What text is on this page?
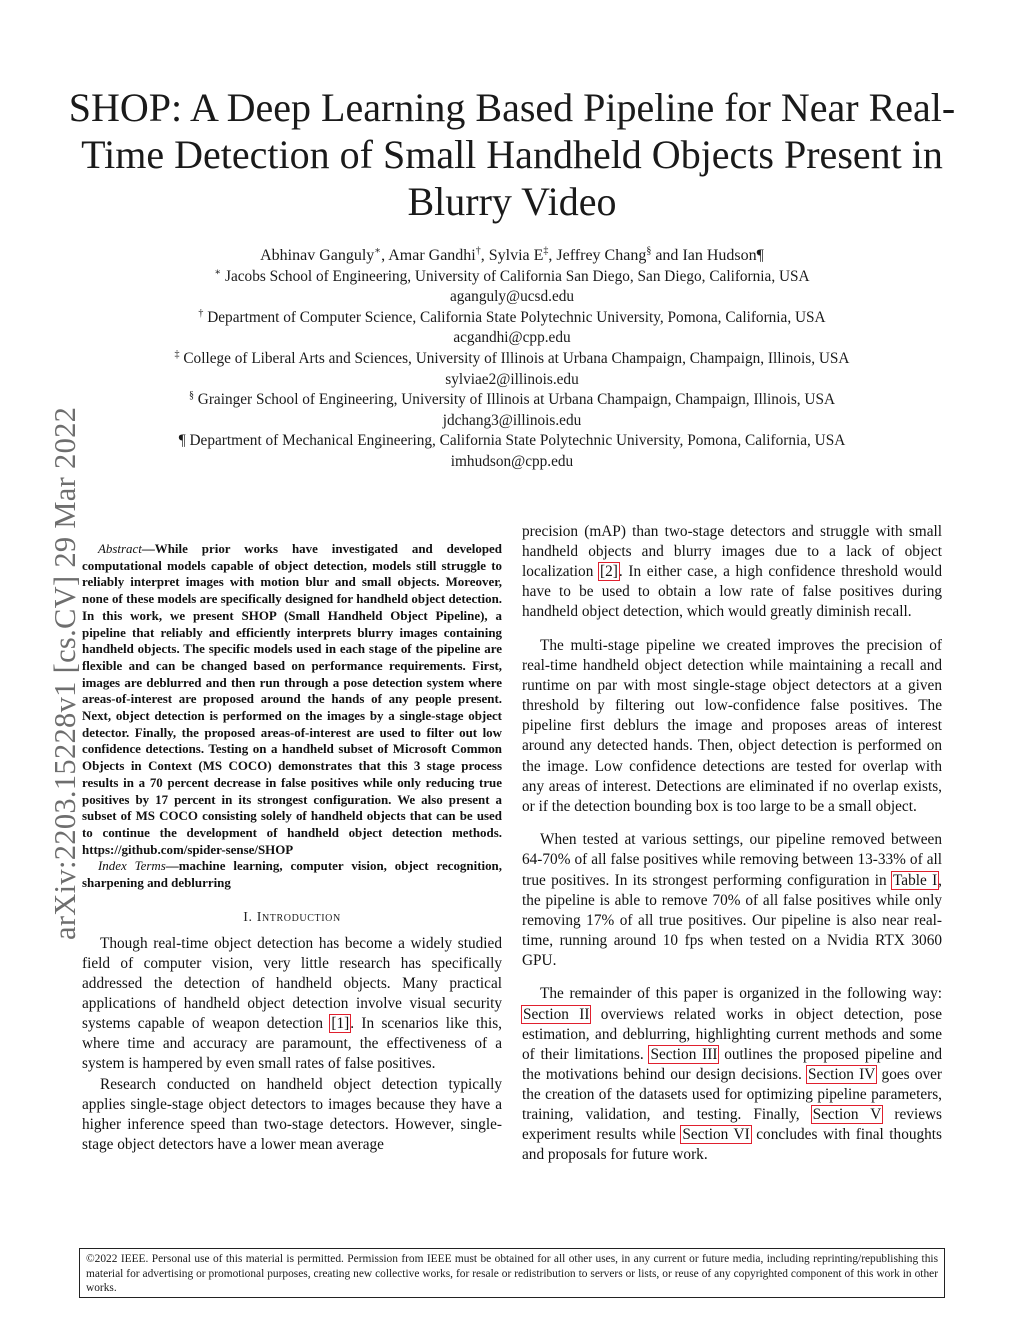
SHOP: A Deep Learning Based Pipeline for Near Real-Time Detection of Small Handheld Objects Present in Blurry Video
Abhinav Ganguly∗, Amar Gandhi†, Sylvia E‡, Jeffrey Chang§ and Ian Hudson¶
∗ Jacobs School of Engineering, University of California San Diego, San Diego, California, USA
aganguly@ucsd.edu
† Department of Computer Science, California State Polytechnic University, Pomona, California, USA
acgandhi@cpp.edu
‡ College of Liberal Arts and Sciences, University of Illinois at Urbana Champaign, Champaign, Illinois, USA
sylviae2@illinois.edu
§ Grainger School of Engineering, University of Illinois at Urbana Champaign, Champaign, Illinois, USA
jdchang3@illinois.edu
¶ Department of Mechanical Engineering, California State Polytechnic University, Pomona, California, USA
imhudson@cpp.edu
arXiv:2203.15228v1 [cs.CV] 29 Mar 2022	Abstract—While prior works have investigated and developed computational models capable of object detection, models still struggle to reliably interpret images with motion blur and small objects. Moreover, none of these models are specifically designed for handheld object detection. In this work, we present SHOP (Small Handheld Object Pipeline), a pipeline that reliably and efficiently interprets blurry images containing handheld objects. The specific models used in each stage of the pipeline are flexible and can be changed based on performance requirements. First, images are deblurred and then run through a pose detection system where areas-of-interest are proposed around the hands of any people present. Next, object detection is performed on the images by a single-stage object detector. Finally, the proposed areas-of-interest are used to filter out low confidence detections. Testing on a handheld subset of Microsoft Common Objects in Context (MS COCO) demonstrates that this 3 stage process results in a 70 percent decrease in false positives while only reducing true positives by 17 percent in its strongest configuration. We also present a subset of MS COCO consisting solely of handheld objects that can be used to continue the development of handheld object detection methods. https://github.com/spider-sense/SHOP

Index Terms—machine learning, computer vision, object recognition, sharpening and deblurring

I. Introduction

Though real-time object detection has become a widely studied field of computer vision, very little research has specifically addressed the detection of handheld objects. Many practical applications of handheld object detection involve visual security systems capable of weapon detection [1]. In scenarios like this, where time and accuracy are paramount, the effectiveness of a system is hampered by even small rates of false positives.

Research conducted on handheld object detection typically applies single-stage object detectors to images because they have a higher inference speed than two-stage detectors. However, single-stage object detectors have a lower mean average

precision (mAP) than two-stage detectors and struggle with small handheld objects and blurry images due to a lack of object localization [2]. In either case, a high confidence threshold would have to be used to obtain a low rate of false positives during handheld object detection, which would greatly diminish recall.

The multi-stage pipeline we created improves the precision of real-time handheld object detection while maintaining a recall and runtime on par with most single-stage object detectors at a given threshold by filtering out low-confidence false positives. The pipeline first deblurs the image and proposes areas of interest around any detected hands. Then, object detection is performed on the image. Low confidence detections are tested for overlap with any areas of interest. Detections are eliminated if no overlap exists, or if the detection bounding box is too large to be a small object.

When tested at various settings, our pipeline removed between 64-70% of all false positives while removing between 13-33% of all true positives. In its strongest performing configuration in Table I, the pipeline is able to remove 70% of all false positives while only removing 17% of all true positives. Our pipeline is also near real-time, running around 10 fps when tested on a Nvidia RTX 3060 GPU.

The remainder of this paper is organized in the following way: Section II overviews related works in object detection, pose estimation, and deblurring, highlighting current methods and some of their limitations. Section III outlines the proposed pipeline and the motivations behind our design decisions. Section IV goes over the creation of the datasets used for optimizing pipeline parameters, training, validation, and testing. Finally, Section V reviews experiment results while Section VI concludes with final thoughts and proposals for future work.

©2022 IEEE. Personal use of this material is permitted. Permission from IEEE must be obtained for all other uses, in any current or future media, including reprinting/republishing this material for advertising or promotional purposes, creating new collective works, for resale or redistribution to servers or lists, or reuse of any copyrighted component of this work in other works.
